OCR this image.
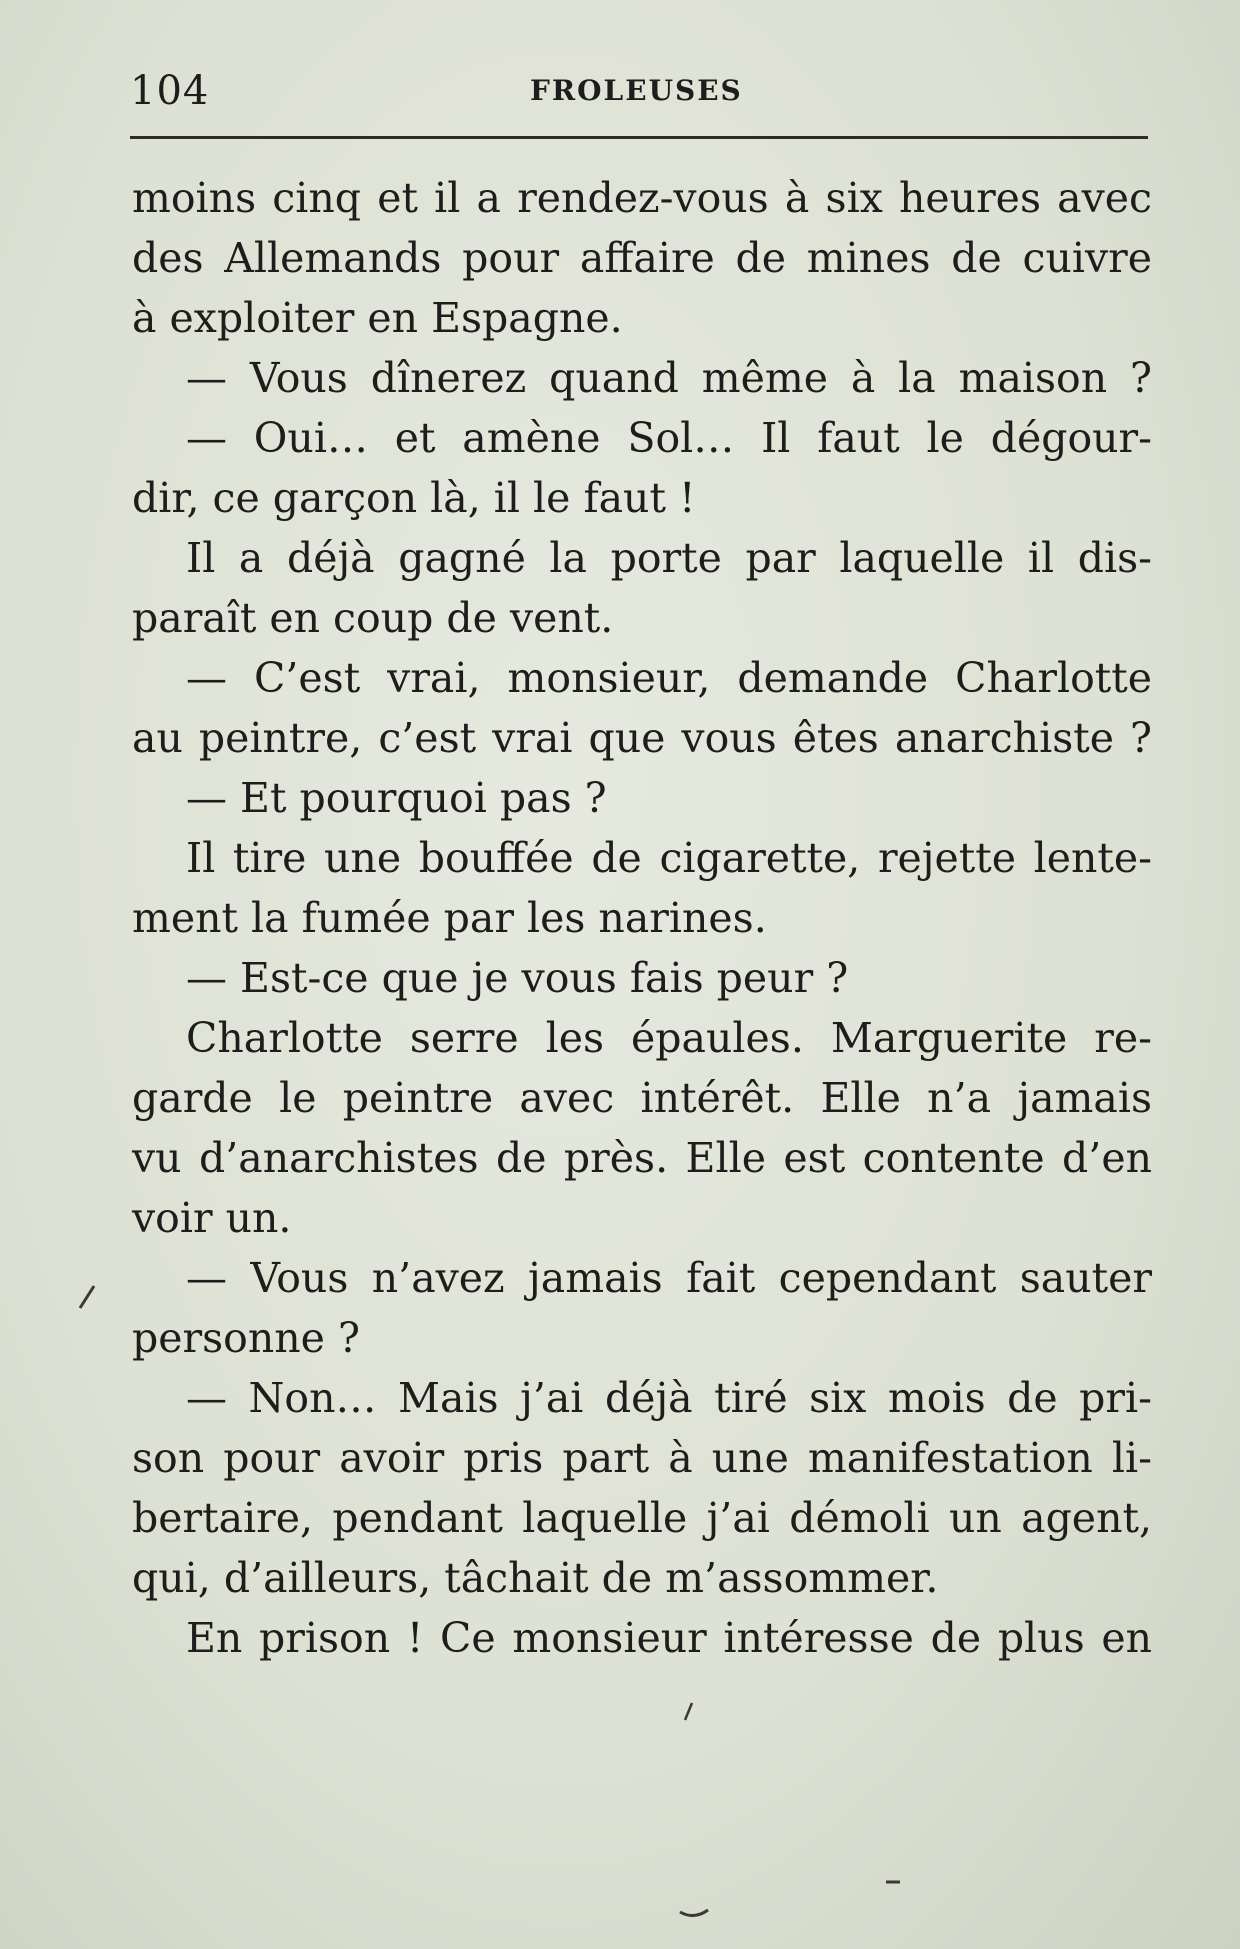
104	FROLEUSES
moins cinq et il a rendez-vous à six heures avec
des Allemands pour affaire de mines de cuivre
à exploiter en Espagne.
— Vous dînerez quand même à la maison ?
— Oui… et amène Sol… Il faut le dégour-
dir, ce garçon là, il le faut !
Il a déjà gagné la porte par laquelle il dis-
paraît en coup de vent.
— C’est vrai, monsieur, demande Charlotte
au peintre, c’est vrai que vous êtes anarchiste ?
— Et pourquoi pas ?
Il tire une bouffée de cigarette, rejette lente-
ment la fumée par les narines.
— Est-ce que je vous fais peur ?
Charlotte serre les épaules. Marguerite re-
garde le peintre avec intérêt. Elle n’a jamais
vu d’anarchistes de près. Elle est contente d’en
voir un.
— Vous n’avez jamais fait cependant sauter
personne ?
— Non… Mais j’ai déjà tiré six mois de pri-
son pour avoir pris part à une manifestation li-
bertaire, pendant laquelle j’ai démoli un agent,
qui, d’ailleurs, tâchait de m’assommer.
En prison ! Ce monsieur intéresse de plus en
